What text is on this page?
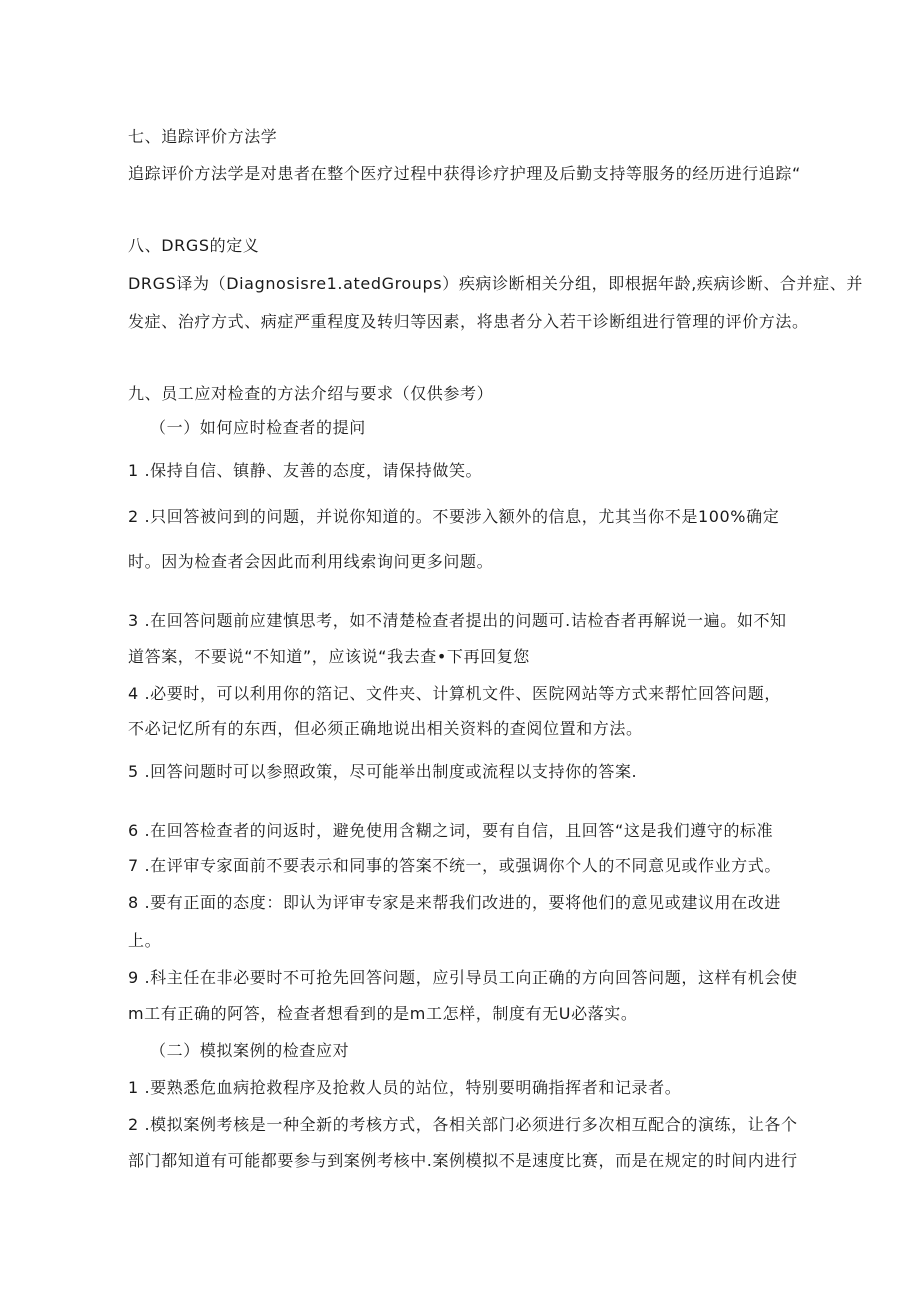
七、追踪评价方法学
追踪评价方法学是对患者在整个医疗过程中获得诊疗护理及后勤支持等服务的经历进行追踪“
八、DRGS的定义
DRGS译为（Diagnosisre1.atedGroups）疾病诊断相关分组，即根据年龄,疾病诊断、合并症、并
发症、治疗方式、病症严重程度及转归等因素，将患者分入若干诊断组进行管理的评价方法。
九、员工应对检查的方法介绍与要求（仅供参考）
（一）如何应时检查者的提问
1 .保持自信、镇静、友善的态度，请保持做笑。
2 .只回答被问到的问题，并说你知道的。不要涉入额外的信息，尤其当你不是100%确定
时。因为检查者会因此而利用线索询问更多问题。
3 .在回答问题前应建慎思考，如不清楚检查者提出的问题可.诘检杳者再解说一遍。如不知
道答案，不要说“不知道”，应该说“我去查•下再回复您
4 .必要时，可以利用你的箔记、文件夹、计算机文件、医院网站等方式来帮忙回答问题，
不必记忆所有的东西，但必须正确地说出相关资料的查阅位置和方法。
5 .回答问题时可以参照政策，尽可能举出制度或流程以支持你的答案.
6 .在回答检查者的问返时，避免使用含糊之词，要有自信，且回答“这是我们遵守的标准
7 .在评审专家面前不要表示和同事的答案不统一，或强调你个人的不同意见或作业方式。
8 .要有正面的态度：即认为评审专家是来帮我们改进的，要将他们的意见或建议用在改进
上。
9 .科主任在非必要时不可抢先回答问题，应引导员工向正确的方向回答问题，这样有机会使
m工有正确的阿答，检查者想看到的是m工怎样，制度有无U必落实。
（二）模拟案例的检查应对
1 .要熟悉危血病抢救程序及抢救人员的站位，特别要明确指挥者和记录者。
2 .模拟案例考核是一种全新的考核方式，各相关部门必须进行多次相互配合的演练，让各个
部门都知道有可能都要参与到案例考核中.案例模拟不是速度比赛，而是在规定的时间内进行
